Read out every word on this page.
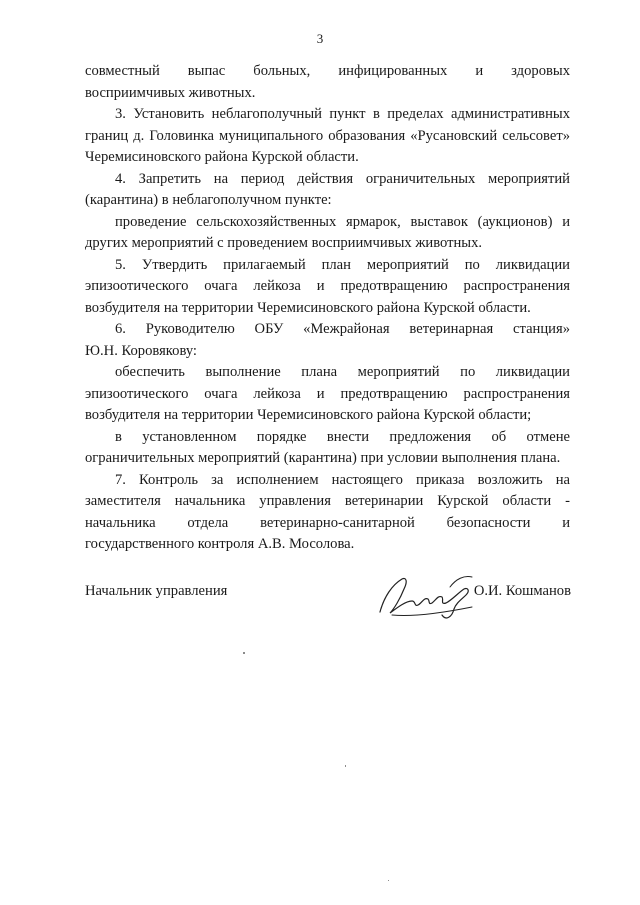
3

совместный выпас больных, инфицированных и здоровых

восприимчивых животных.

3. Установить неблагополучный пункт в пределах административных

границ д. Головинка муниципального образования «Русановский сельсовет» Черемисиновского района Курской области.

4. Запретить на период действия ограничительных мероприятий

(карантина) в неблагополучном пункте:

проведение сельскохозяйственных ярмарок, выставок (аукционов) и

других мероприятий с проведением восприимчивых животных.

5. Утвердить прилагаемый план мероприятий по ликвидации

эпизоотического очага лейкоза и предотвращению распространения возбудителя на территории Черемисиновского района Курской области.

6. Руководителю ОБУ «Межрайоная ветеринарная станция»

Ю.Н. Коровякову:

обеспечить выполнение плана мероприятий по ликвидации

эпизоотического очага лейкоза и предотвращению распространения возбудителя на территории Черемисиновского района Курской области;

в установленном порядке внести предложения об отмене

ограничительных мероприятий (карантина) при условии выполнения плана.

7. Контроль за исполнением настоящего приказа возложить на

заместителя начальника управления ветеринарии Курской области - начальника отдела ветеринарно-санитарной безопасности и государственного контроля А.В. Мосолова.

Начальник управления	О.И. Кошманов
